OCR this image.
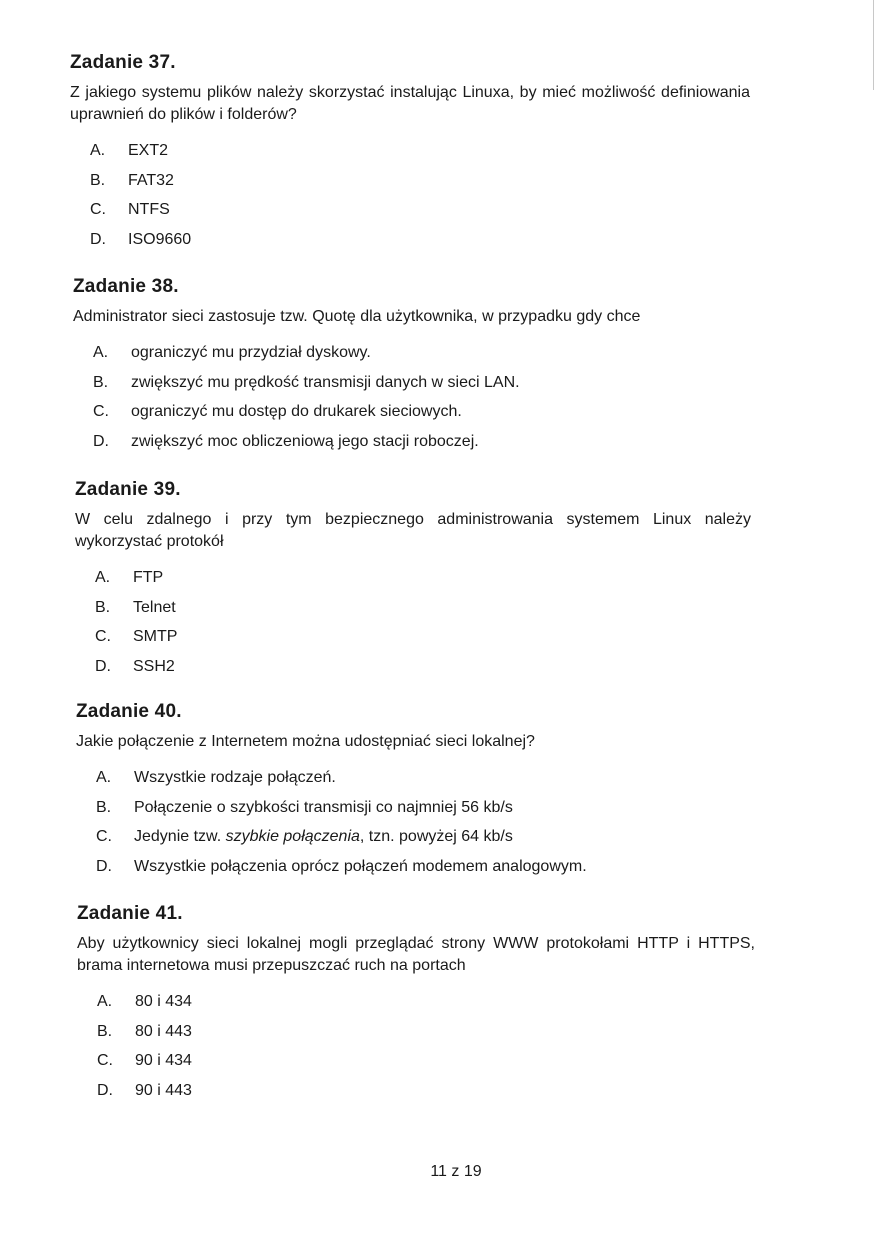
Zadanie 37.

Z jakiego systemu plików należy skorzystać instalując Linuxa, by mieć możliwość definiowania uprawnień do plików i folderów?

A.	EXT2
B.	FAT32
C.	NTFS
D.	ISO9660
Zadanie 38.

Administrator sieci zastosuje tzw. Quotę dla użytkownika, w przypadku gdy chce

A.	ograniczyć mu przydział dyskowy.
B.	zwiększyć mu prędkość transmisji danych w sieci LAN.
C.	ograniczyć mu dostęp do drukarek sieciowych.
D.	zwiększyć moc obliczeniową jego stacji roboczej.
Zadanie 39.

W celu zdalnego i przy tym bezpiecznego administrowania systemem Linux należy wykorzystać protokół

A.	FTP
B.	Telnet
C.	SMTP
D.	SSH2
Zadanie 40.

Jakie połączenie z Internetem można udostępniać sieci lokalnej?

A.	Wszystkie rodzaje połączeń.
B.	Połączenie o szybkości transmisji co najmniej 56 kb/s
C.	Jedynie tzw. szybkie połączenia, tzn. powyżej 64 kb/s
D.	Wszystkie połączenia oprócz połączeń modemem analogowym.
Zadanie 41.

Aby użytkownicy sieci lokalnej mogli przeglądać strony WWW protokołami HTTP i HTTPS, brama internetowa musi przepuszczać ruch na portach

A.	80 i 434
B.	80 i 443
C.	90 i 434
D.	90 i 443
11 z 19
